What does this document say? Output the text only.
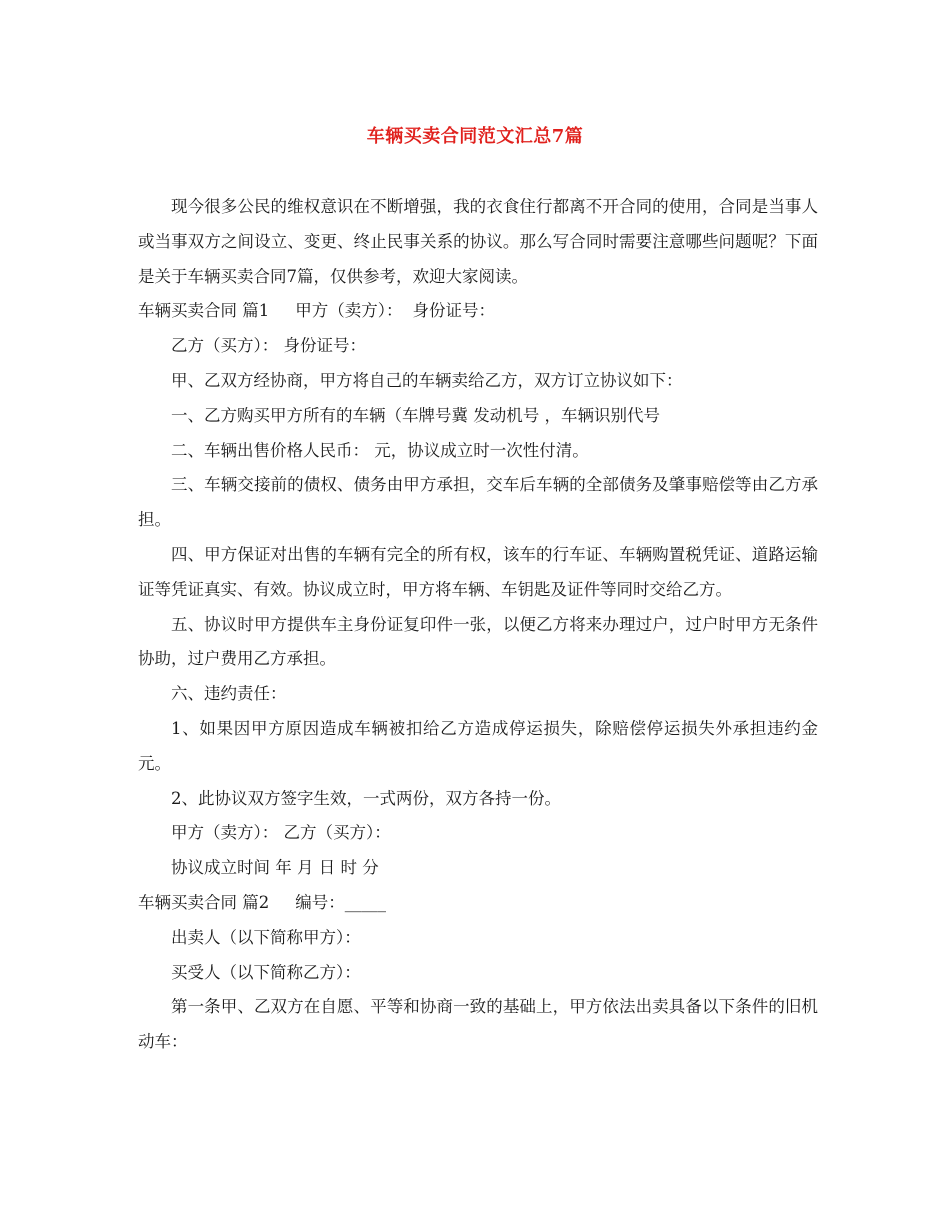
车辆买卖合同范文汇总7篇

现今很多公民的维权意识在不断增强，我的衣食住行都离不开合同的使用，合同是当事人或当事双方之间设立、变更、终止民事关系的协议。那么写合同时需要注意哪些问题呢？下面是关于车辆买卖合同7篇，仅供参考，欢迎大家阅读。

车辆买卖合同 篇1 甲方（卖方）： 身份证号：

乙方（买方）： 身份证号：

甲、乙双方经协商，甲方将自己的车辆卖给乙方，双方订立协议如下：

一、乙方购买甲方所有的车辆（车牌号冀 发动机号 ，车辆识别代号

二、车辆出售价格人民币： 元，协议成立时一次性付清。

三、车辆交接前的债权、债务由甲方承担，交车后车辆的全部债务及肇事赔偿等由乙方承担。

四、甲方保证对出售的车辆有完全的所有权，该车的行车证、车辆购置税凭证、道路运输证等凭证真实、有效。协议成立时，甲方将车辆、车钥匙及证件等同时交给乙方。

五、协议时甲方提供车主身份证复印件一张，以便乙方将来办理过户，过户时甲方无条件协助，过户费用乙方承担。

六、违约责任：

1、如果因甲方原因造成车辆被扣给乙方造成停运损失，除赔偿停运损失外承担违约金 元。

2、此协议双方签字生效，一式两份，双方各持一份。

甲方（卖方）： 乙方（买方）：

协议成立时间 年 月 日 时 分

车辆买卖合同 篇2 编号：_____

出卖人（以下简称甲方）：

买受人（以下简称乙方）：

第一条甲、乙双方在自愿、平等和协商一致的基础上，甲方依法出卖具备以下条件的旧机动车：
